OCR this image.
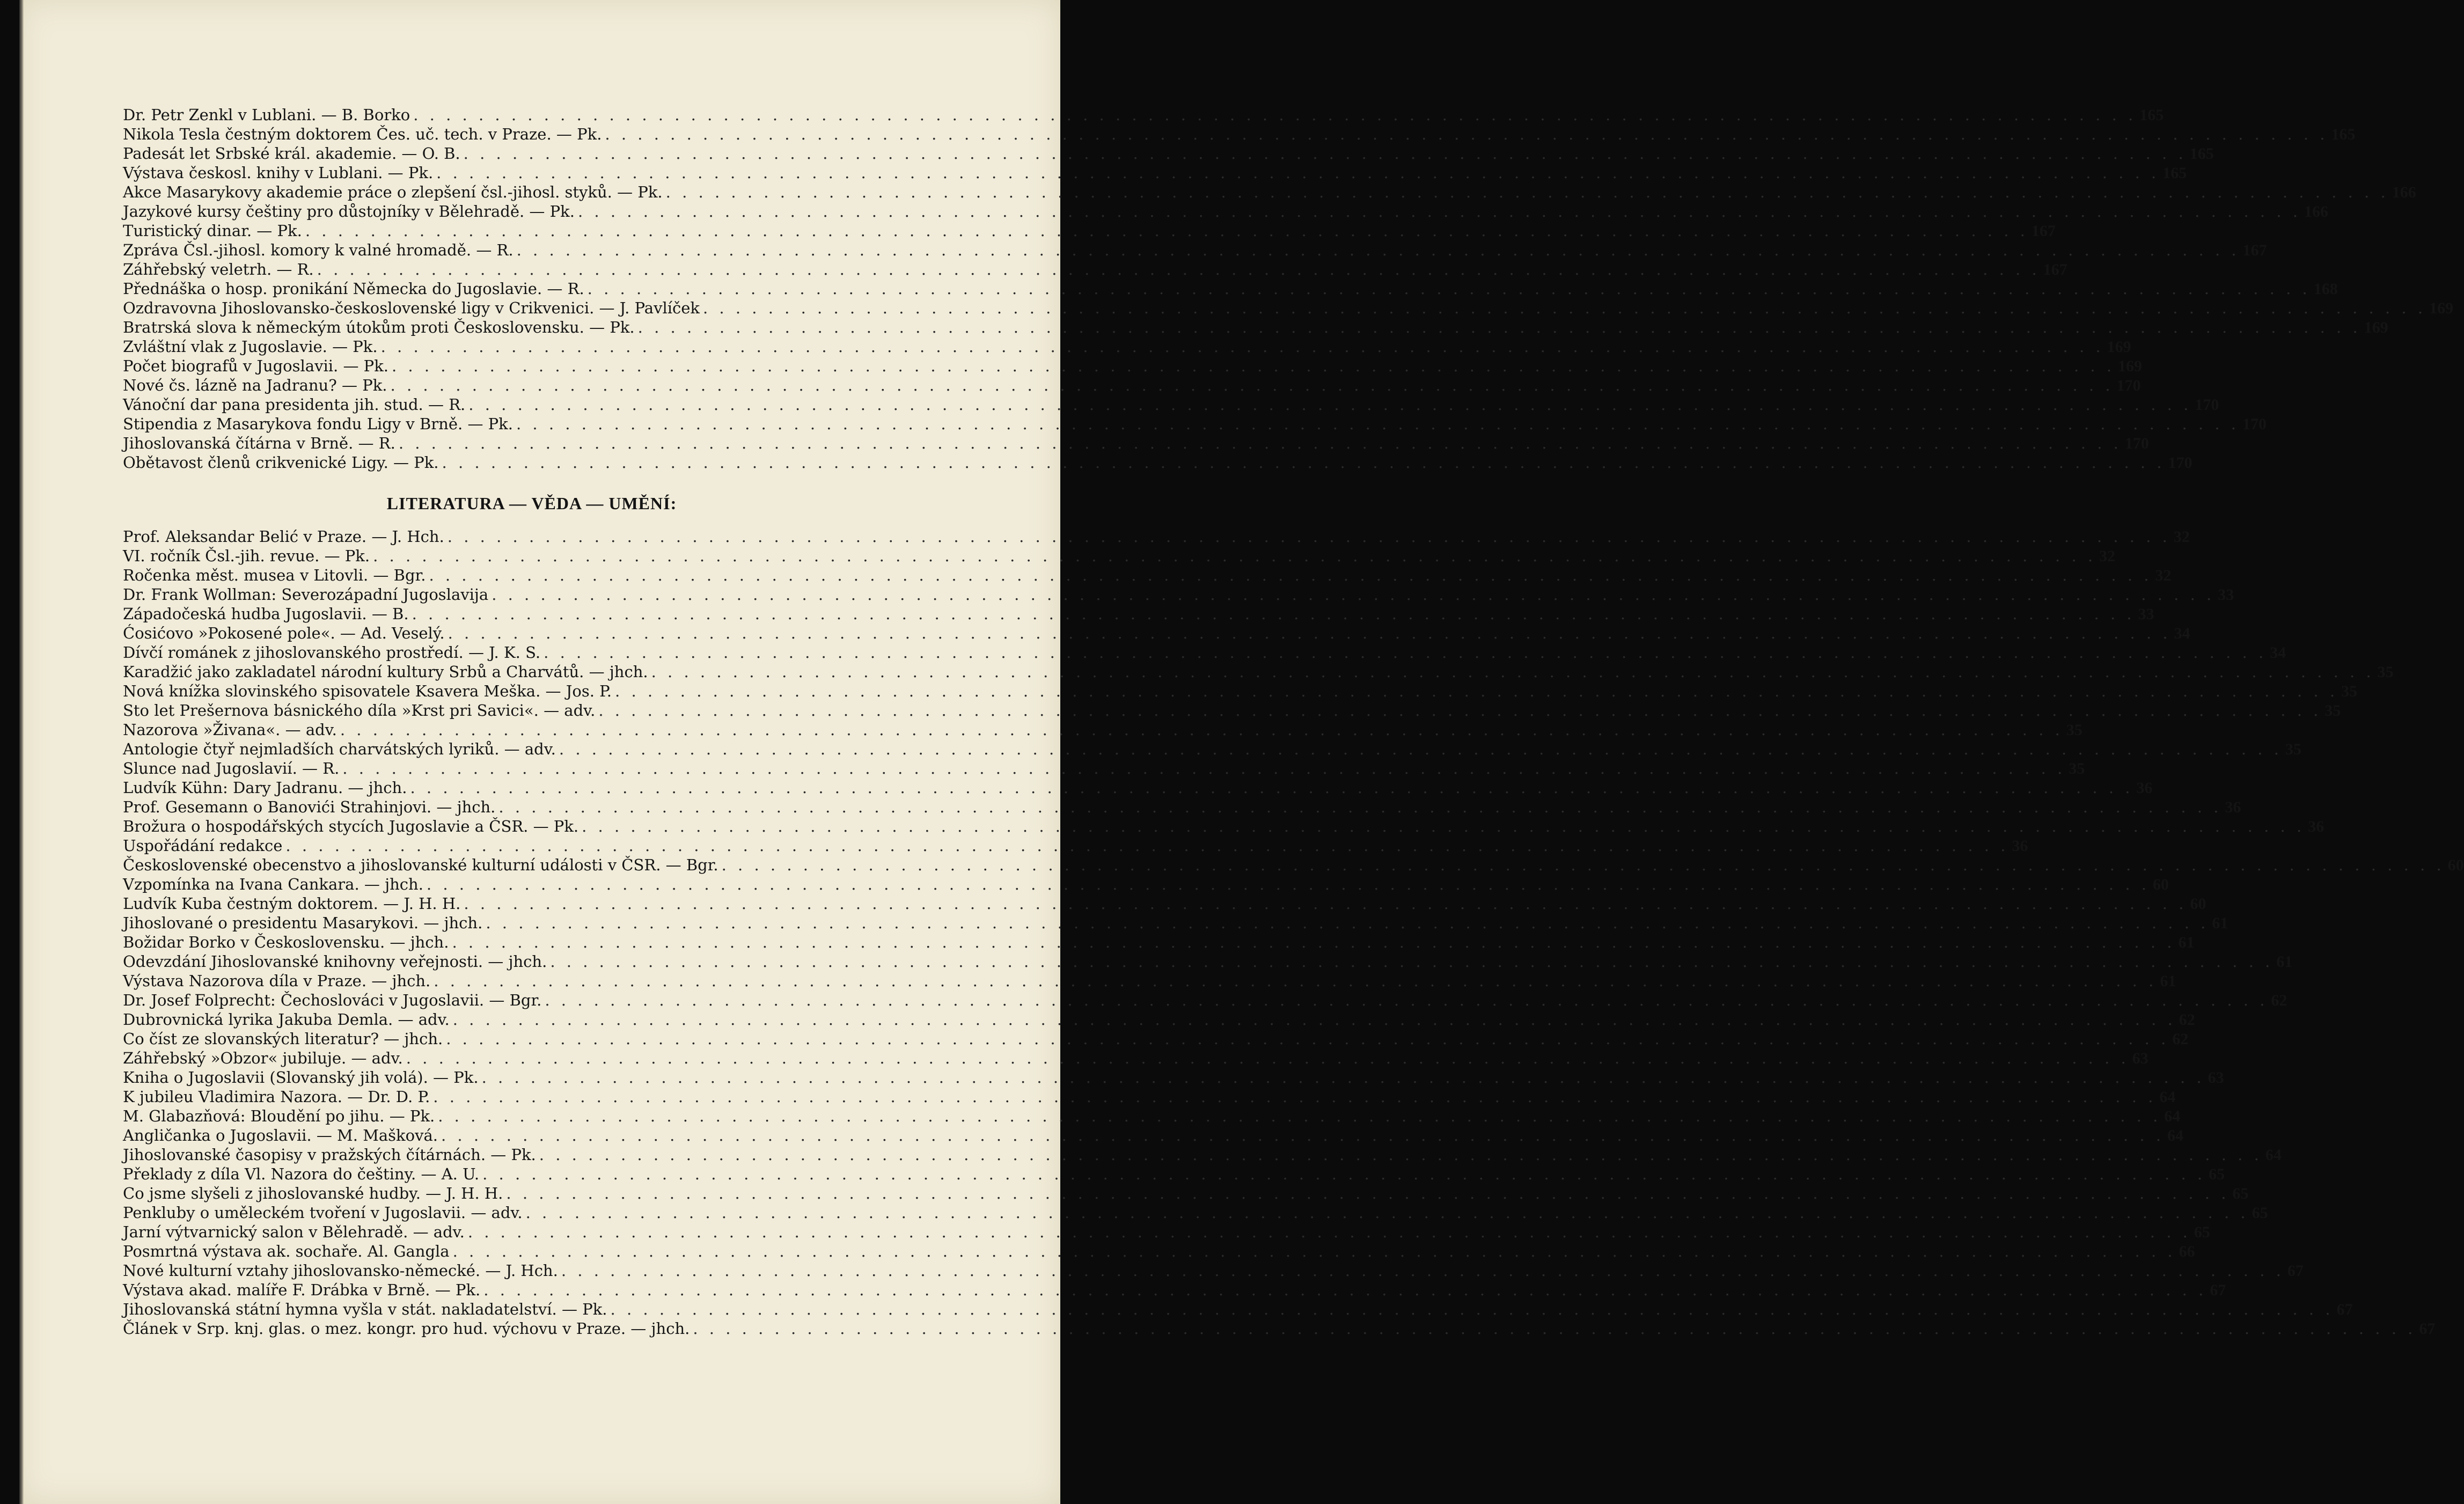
Dr. Petr Zenkl v Lublani. — B. Borko . . .	165
Nikola Tesla čestným doktorem Čes. uč. tech. v Praze. — Pk. . . .	165
Padesát let Srbské král. akademie. — O. B. . . .	165
Výstava českosl. knihy v Lublani. — Pk. . . .	165
Akce Masarykovy akademie práce o zlepšení čsl.-jihosl. styků. — Pk. . . .	166
Jazykové kursy češtiny pro důstojníky v Bělehradě. — Pk. . . .	166
Turistický dinar. — Pk. . . .	167
Zpráva Čsl.-jihosl. komory k valné hromadě. — R. . . .	167
Záhřebský veletrh. — R. . . .	167
Přednáška o hosp. pronikání Německa do Jugoslavie. — R. . . .	168
Ozdravovna Jihoslovansko-československé ligy v Crikvenici. — J. Pavlíček . . .	169
Bratrská slova k německým útokům proti Československu. — Pk. . . .	169
Zvláštní vlak z Jugoslavie. — Pk. . . .	169
Počet biografů v Jugoslavii. — Pk. . . .	169
Nové čs. lázně na Jadranu? — Pk. . . .	170
Vánoční dar pana presidenta jih. stud. — R. . . .	170
Stipendia z Masarykova fondu Ligy v Brně. — Pk. . . .	170
Jihoslovanská čítárna v Brně. — R. . . .	170
Obětavost členů crikvenické Ligy. — Pk. . . .	170
LITERATURA — VĚDA — UMĚNÍ:
Prof. Aleksandar Belić v Praze. — J. Hch. . . .	32
VI. ročník Čsl.-jih. revue. — Pk. . . .	32
Ročenka měst. musea v Litovli. — Bgr. . . .	32
Dr. Frank Wollman: Severozápadní Jugoslavija . . .	33
Západočeská hudba Jugoslavii. — B. . . .	33
Ćosićovo »Pokosené pole«. — Ad. Veselý. . . .	34
Dívčí románek z jihoslovanského prostředí. — J. K. S. . . .	34
Karadžić jako zakladatel národní kultury Srbů a Charvátů. — jhch. . . .	35
Nová knížka slovinského spisovatele Ksavera Meška. — Jos. P. . . .	35
Sto let Prešernova básnického díla »Krst pri Savici«. — adv. . . .	35
Nazorova »Živana«. — adv. . . .	35
Antologie čtyř nejmladších charvátských lyriků. — adv. . . .	35
Slunce nad Jugoslavií. — R. . . .	35
Ludvík Kühn: Dary Jadranu. — jhch. . . .	36
Prof. Gesemann o Banovići Strahinjovi. — jhch. . . .	36
Brožura o hospodářských stycích Jugoslavie a ČSR. — Pk. . . .	36
Uspořádání redakce . . .	36
Československé obecenstvo a jihoslovanské kulturní události v ČSR. — Bgr. . . .	60
Vzpomínka na Ivana Cankara. — jhch. . . .	60
Ludvík Kuba čestným doktorem. — J. H. H. . . .	60
Jihoslované o presidentu Masarykovi. — jhch. . . .	61
Božidar Borko v Československu. — jhch. . . .	61
Odevzdání Jihoslovanské knihovny veřejnosti. — jhch. . . .	61
Výstava Nazorova díla v Praze. — jhch. . . .	61
Dr. Josef Folprecht: Čechoslováci v Jugoslavii. — Bgr. . . .	62
Dubrovnická lyrika Jakuba Demla. — adv. . . .	62
Co číst ze slovanských literatur? — jhch. . . .	62
Záhřebský »Obzor« jubiluje. — adv. . . .	63
Kniha o Jugoslavii (Slovanský jih volá). — Pk. . . .	63
K jubileu Vladimira Nazora. — Dr. D. P. . . .	64
M. Glabazňová: Bloudění po jihu. — Pk. . . .	64
Angličanka o Jugoslavii. — M. Mašková. . . .	64
Jihoslovanské časopisy v pražských čítárnách. — Pk. . . .	64
Překlady z díla Vl. Nazora do češtiny. — A. U. . . .	65
Co jsme slyšeli z jihoslovanské hudby. — J. H. H. . . .	65
Penkluby o uměleckém tvoření v Jugoslavii. — adv. . . .	65
Jarní výtvarnický salon v Bělehradě. — adv. . . .	65
Posmrtná výstava ak. sochaře. Al. Gangla . . .	66
Nové kulturní vztahy jihoslovansko-německé. — J. Hch. . . .	67
Výstava akad. malíře F. Drábka v Brně. — Pk. . . .	67
Jihoslovanská státní hymna vyšla v stát. nakladatelství. — Pk. . . .	67
Článek v Srp. knj. glas. o mez. kongr. pro hud. výchovu v Praze. — jhch. . . .	67
